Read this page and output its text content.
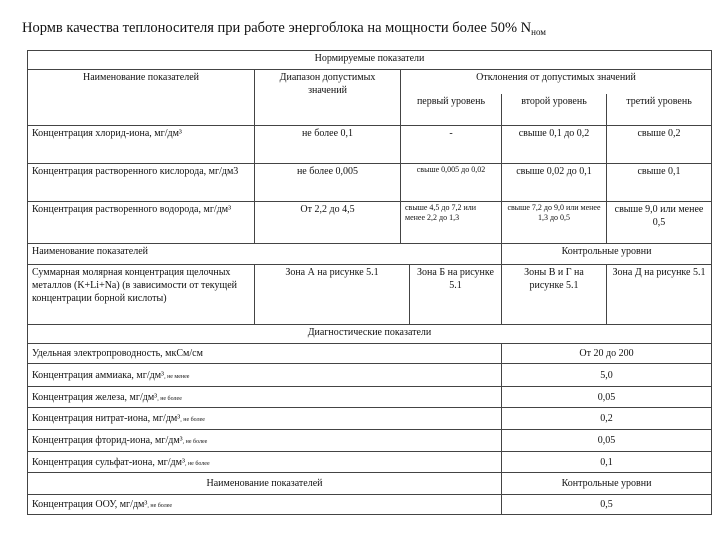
Нормв качества теплоносителя при работе энергоблока на мощности более 50% $N_{ном}$
Нормируемые показатели					
Наименование показателей	Диапазон допустимых значений	Отклонения от допустимых значений			
		первый уровень		второй уровень	третий уровень
Концентрация хлорид-иона, мг/дм³	не более 0,1	-		свыше 0,1 до 0,2	свыше 0,2
Концентрация растворенного кислорода, мг/дм3	не более 0,005	свыше 0,005 до 0,02		свыше 0,02 до 0,1	свыше 0,1
Концентрация растворенного водорода, мг/дм³	От 2,2 до 4,5	свыше 4,5 до 7,2 или менее 2,2 до 1,3		свыше 7,2 до 9,0 или менее 1,3 до 0,5	свыше 9,0 или менее 0,5
Наименование показателей				Контрольные уровни	
Суммарная молярная концентрация щелочных металлов (K+Li+Na) (в зависимости от текущей концентрации борной кислоты)	Зона А на рисунке 5.1		Зона Б на рисунке 5.1	Зоны В и Г на рисунке 5.1	Зона Д на рисунке 5.1
Диагностические показатели					
Удельная электропроводность, мкСм/см				От 20 до 200	
Концентрация аммиака, мг/дм³, не менее				5,0	
Концентрация железа, мг/дм³, не более				0,05	
Концентрация нитрат-иона, мг/дм³, не более				0,2	
Концентрация фторид-иона, мг/дм³, не более				0,05	
Концентрация сульфат-иона, мг/дм³, не более				0,1	
Наименование показателей				Контрольные уровни	
Концентрация ООУ, мг/дм³, не более				0,5	
